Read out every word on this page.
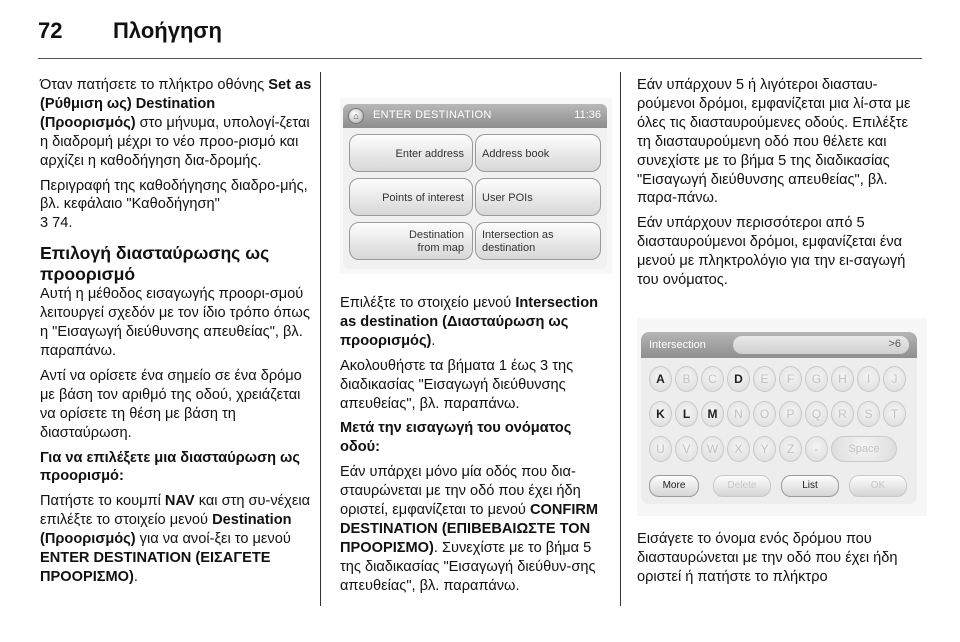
72 Πλοήγηση

Όταν πατήσετε το πλήκτρο οθόνης Set as (Ρύθμιση ως) Destination (Προορισμός) στο μήνυμα, υπολογί-ζεται η διαδρομή μέχρι το νέο προο-ρισμό και αρχίζει η καθοδήγηση δια-δρομής.

Περιγραφή της καθοδήγησης διαδρο-μής, βλ. κεφάλαιο "Καθοδήγηση"
3 74.

Επιλογή διασταύρωσης ως προορισμό

Αυτή η μέθοδος εισαγωγής προορι-σμού λειτουργεί σχεδόν με τον ίδιο τρόπο όπως η "Εισαγωγή διεύθυνσης απευθείας", βλ. παραπάνω.

Αντί να ορίσετε ένα σημείο σε ένα δρόμο με βάση τον αριθμό της οδού, χρειάζεται να ορίσετε τη θέση με βάση τη διασταύρωση.

Για να επιλέξετε μια διασταύρωση ως προορισμό:

Πατήστε το κουμπί NAV και στη συ-νέχεια επιλέξτε το στοιχείο μενού Destination (Προορισμός) για να ανοί-ξει το μενού ENTER DESTINATION (ΕΙΣΑΓΕΤΕ ΠΡΟΟΡΙΣΜΟ).

⌂	ENTER DESTINATION	11:36
Enter address Address book
Points of interest User POIs
Destination
from map
Intersection as
destination

Επιλέξτε το στοιχείο μενού Intersection as destination (Διασταύρωση ως προορισμός).

Ακολουθήστε τα βήματα 1 έως 3 της διαδικασίας "Εισαγωγή διεύθυνσης απευθείας", βλ. παραπάνω.

Μετά την εισαγωγή του ονόματος οδού:

Εάν υπάρχει μόνο μία οδός που δια-σταυρώνεται με την οδό που έχει ήδη οριστεί, εμφανίζεται το μενού CONFIRM DESTINATION (ΕΠΙΒΕΒΑΙΩΣΤΕ ΤΟΝ ΠΡΟΟΡΙΣΜΟ). Συνεχίστε με το βήμα 5 της διαδικασίας "Εισαγωγή διεύθυν-σης απευθείας", βλ. παραπάνω.

Εάν υπάρχουν 5 ή λιγότεροι διασταυ-ρούμενοι δρόμοι, εμφανίζεται μια λί-στα με όλες τις διασταυρούμενες οδούς. Επιλέξτε τη διασταυρούμενη οδό που θέλετε και συνεχίστε με το βήμα 5 της διαδικασίας "Εισαγωγή διεύθυνσης απευθείας", βλ. παρα-πάνω.

Εάν υπάρχουν περισσότεροι από 5 διασταυρούμενοι δρόμοι, εμφανίζεται ένα μενού με πληκτρολόγιο για την ει-σαγωγή του ονόματος.

Intersection	>6
A	B	C	D	E	F	G	H	I	J
K	L	M	N	O	P	Q	R	S	T
U	V	W	X	Y	Z	-	Space
More	Delete	List	OK

Εισάγετε το όνομα ενός δρόμου που διασταυρώνεται με την οδό που έχει ήδη οριστεί ή πατήστε το πλήκτρο
